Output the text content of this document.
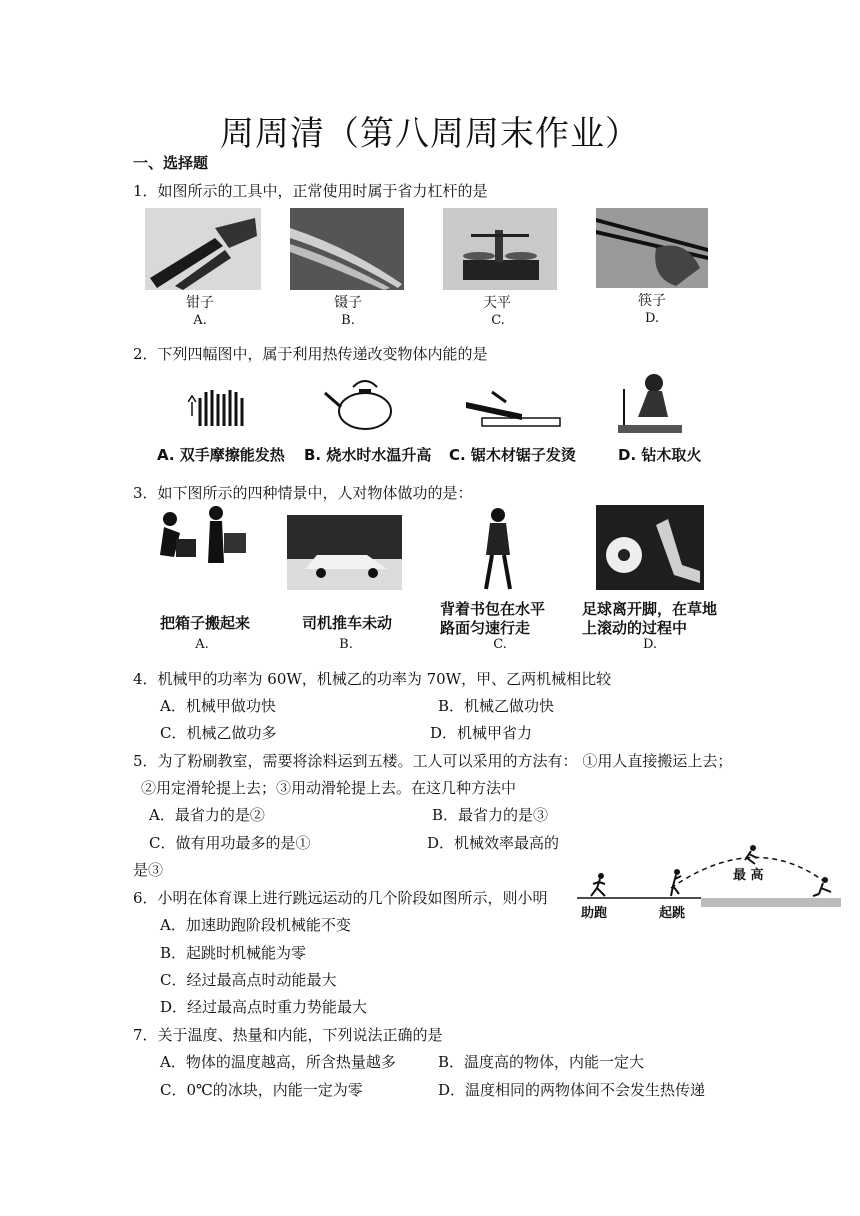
周周清（第八周周末作业）
一、选择题
1．如图所示的工具中，正常使用时属于省力杠杆的是
钳子
A.
镊子
B.
天平
C.
筷子
D.
2．下列四幅图中，属于利用热传递改变物体内能的是
A. 双手摩擦能发热 B. 烧水时水温升高 C. 锯木材锯子发烫	D. 钻木取火
3．如下图所示的四种情景中，人对物体做功的是：
把箱子搬起来
A.
司机推车未动
B.
背着书包在水平
路面匀速行走
C.
足球离开脚，在草地
上滚动的过程中
D.
4．机械甲的功率为 60W，机械乙的功率为 70W，甲、乙两机械相比较
A．机械甲做功快	B．机械乙做功快
C．机械乙做功多	D．机械甲省力
5．为了粉刷教室，需要将涂料运到五楼。工人可以采用的方法有： ①用人直接搬运上去；
②用定滑轮提上去；③用动滑轮提上去。在这几种方法中
A．最省力的是②	B．最省力的是③
C．做有用功最多的是①	D．机械效率最高的
是③
6．小明在体育课上进行跳远运动的几个阶段如图所示，则小明
A．加速助跑阶段机械能不变
B．起跳时机械能为零
C．经过最高点时动能最大
D．经过最高点时重力势能最大
助跑	起跳
最 高
7．关于温度、热量和内能，下列说法正确的是
A．物体的温度越高，所含热量越多	B．温度高的物体，内能一定大
C．0℃的冰块，内能一定为零	D．温度相同的两物体间不会发生热传递
